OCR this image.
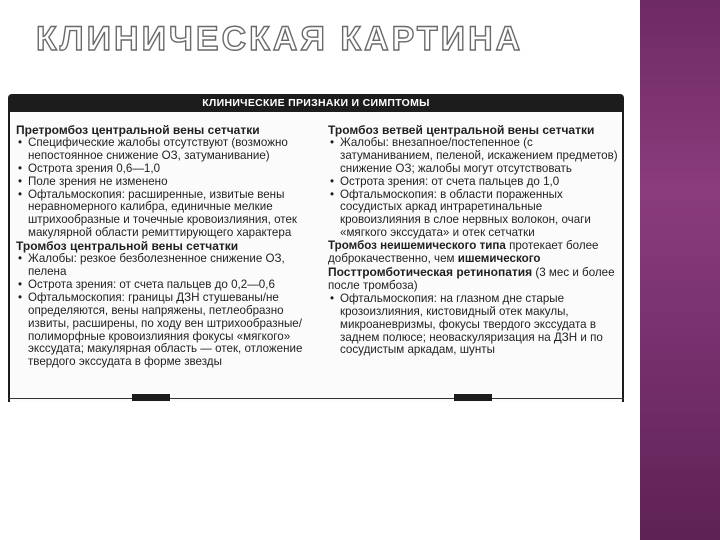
КЛИНИЧЕСКАЯ КАРТИНА
КЛИНИЧЕСКИЕ ПРИЗНАКИ И СИМПТОМЫ

Претромбоз центральной вены сетчатки

• Специфические жалобы отсутствуют (возможно непостоянное снижение ОЗ, затуманивание)
• Острота зрения 0,6—1,0
• Поле зрения не изменено
• Офтальмоскопия: расширенные, извитые вены неравномерного калибра, единичные мелкие штрихообразные и точечные кровоизлияния, отек макулярной области ремиттирующего характера

Тромбоз центральной вены сетчатки

• Жалобы: резкое безболезненное снижение ОЗ, пелена
• Острота зрения: от счета пальцев до 0,2—0,6
• Офтальмоскопия: границы ДЗН стушеваны/не определяются, вены напряжены, петлеобразно извиты, расширены, по ходу вен штрихообразные/полиморфные кровоизлияния фокусы «мягкого» экссудата; макулярная область — отек, отложение твердого экссудата в форме звезды

Тромбоз ветвей центральной вены сетчатки

• Жалобы: внезапное/постепенное (с затуманиванием, пеленой, искажением предметов) снижение ОЗ; жалобы могут отсутствовать
• Острота зрения: от счета пальцев до 1,0
• Офтальмоскопия: в области пораженных сосудистых аркад интраретинальные кровоизлияния в слое нервных волокон, очаги «мягкого экссудата» и отек сетчатки

Тромбоз неишемического типа протекает более доброкачественно, чем ишемического

Посттромботическая ретинопатия (3 мес и более после тромбоза)

• Офтальмоскопия: на глазном дне старые крозоизлияния, кистовидный отек макулы, микроаневризмы, фокусы твердого экссудата в заднем полюсе; неоваскуляризация на ДЗН и по сосудистым аркадам, шунты
